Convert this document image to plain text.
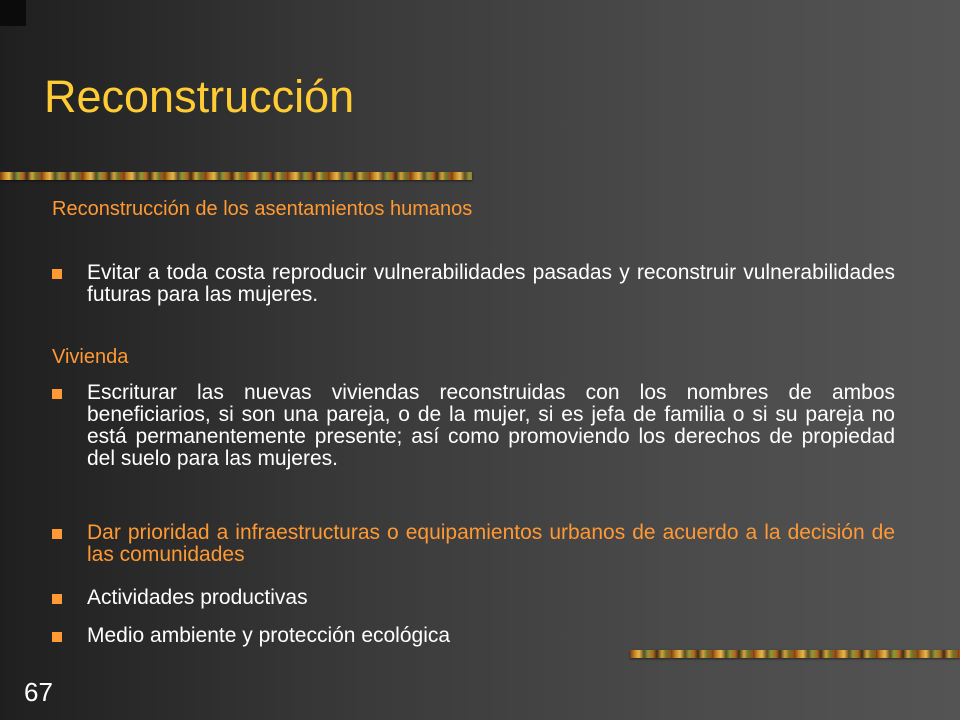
Reconstrucción
Reconstrucción de los asentamientos humanos
Evitar a toda costa reproducir vulnerabilidades pasadas y reconstruir vulnerabilidades futuras para las mujeres.
Vivienda
Escriturar las nuevas viviendas reconstruidas con los nombres de ambos beneficiarios, si son una pareja, o de la mujer, si es jefa de familia o si su pareja no está permanentemente presente; así como promoviendo los derechos de propiedad del suelo para las mujeres.
Dar prioridad a infraestructuras o equipamientos urbanos de acuerdo a la decisión de las comunidades
Actividades productivas
Medio ambiente y protección ecológica
67
